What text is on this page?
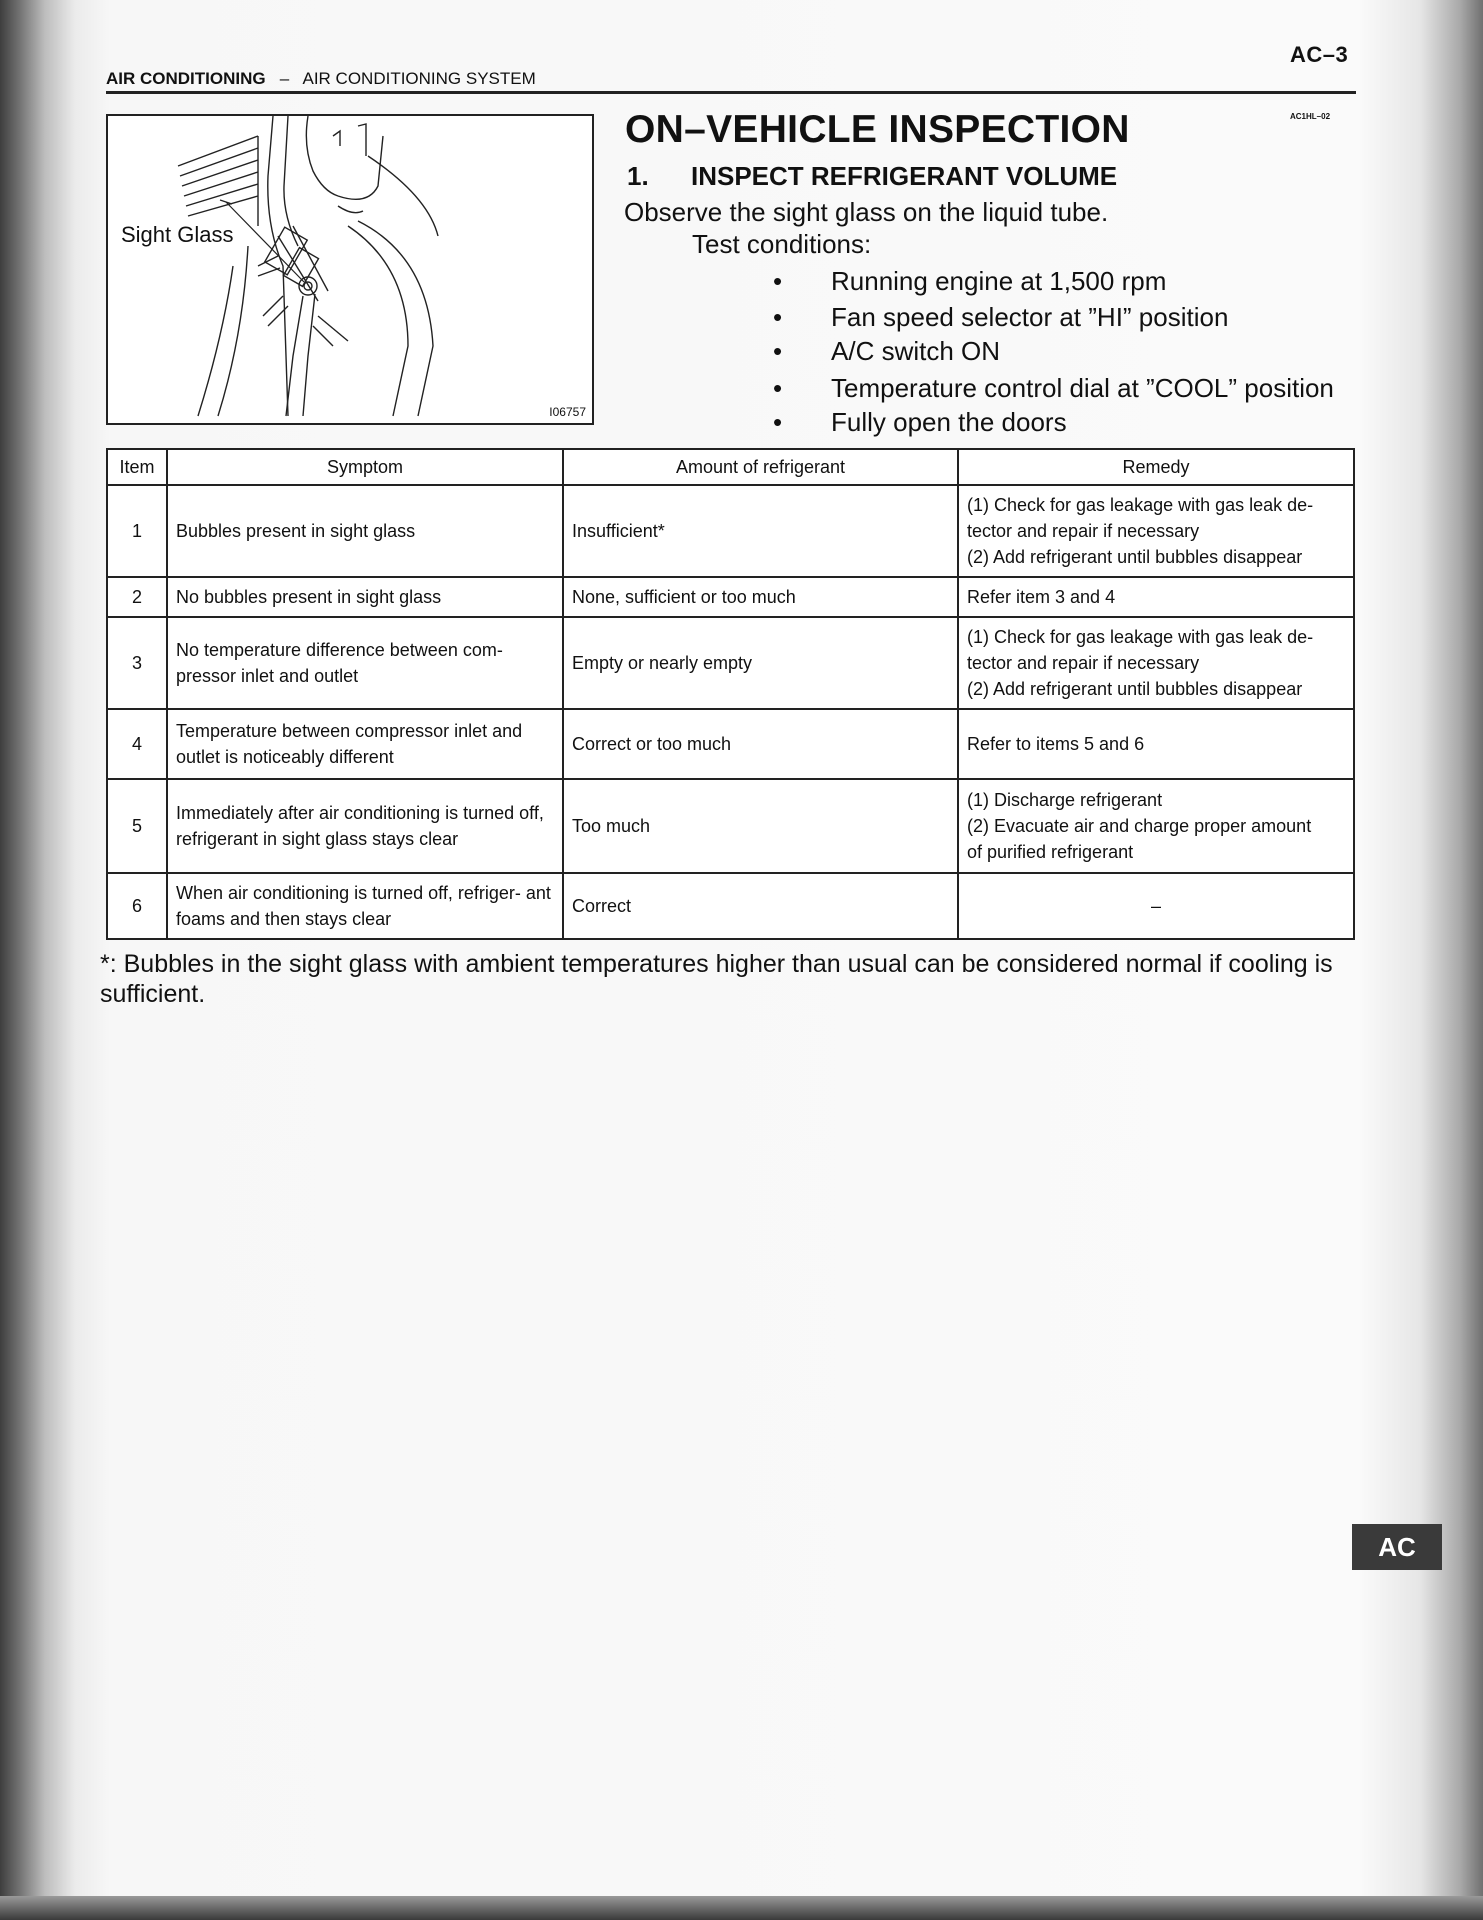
AC–3
AIR CONDITIONING – AIR CONDITIONING SYSTEM
AC1HL–02
Sight Glass
I06757
ON–VEHICLE INSPECTION
1. INSPECT REFRIGERANT VOLUME
Observe the sight glass on the liquid tube.
Test conditions:
• Running engine at 1,500 rpm
• Fan speed selector at ”HI” position
• A/C switch ON
• Temperature control dial at ”COOL” position
• Fully open the doors
Item	Symptom	Amount of refrigerant	Remedy
1	Bubbles present in sight glass	Insufficient*	(1) Check for gas leakage with gas leak de-
tector and repair if necessary
(2) Add refrigerant until bubbles disappear

2	No bubbles present in sight glass	None, sufficient or too much	Refer item 3 and 4

3	No temperature difference between com- pressor inlet and outlet	Empty or nearly empty	(1) Check for gas leakage with gas leak de-
tector and repair if necessary
(2) Add refrigerant until bubbles disappear

4	Temperature between compressor inlet and outlet is noticeably different	Correct or too much	Refer to items 5 and 6

5	Immediately after air conditioning is turned off, refrigerant in sight glass stays clear	Too much	(1) Discharge refrigerant
(2) Evacuate air and charge proper amount
of purified refrigerant

6	When air conditioning is turned off, refriger- ant foams and then stays clear	Correct	–
*: Bubbles in the sight glass with ambient temperatures higher than usual can be considered normal if cooling is sufficient.
AC
